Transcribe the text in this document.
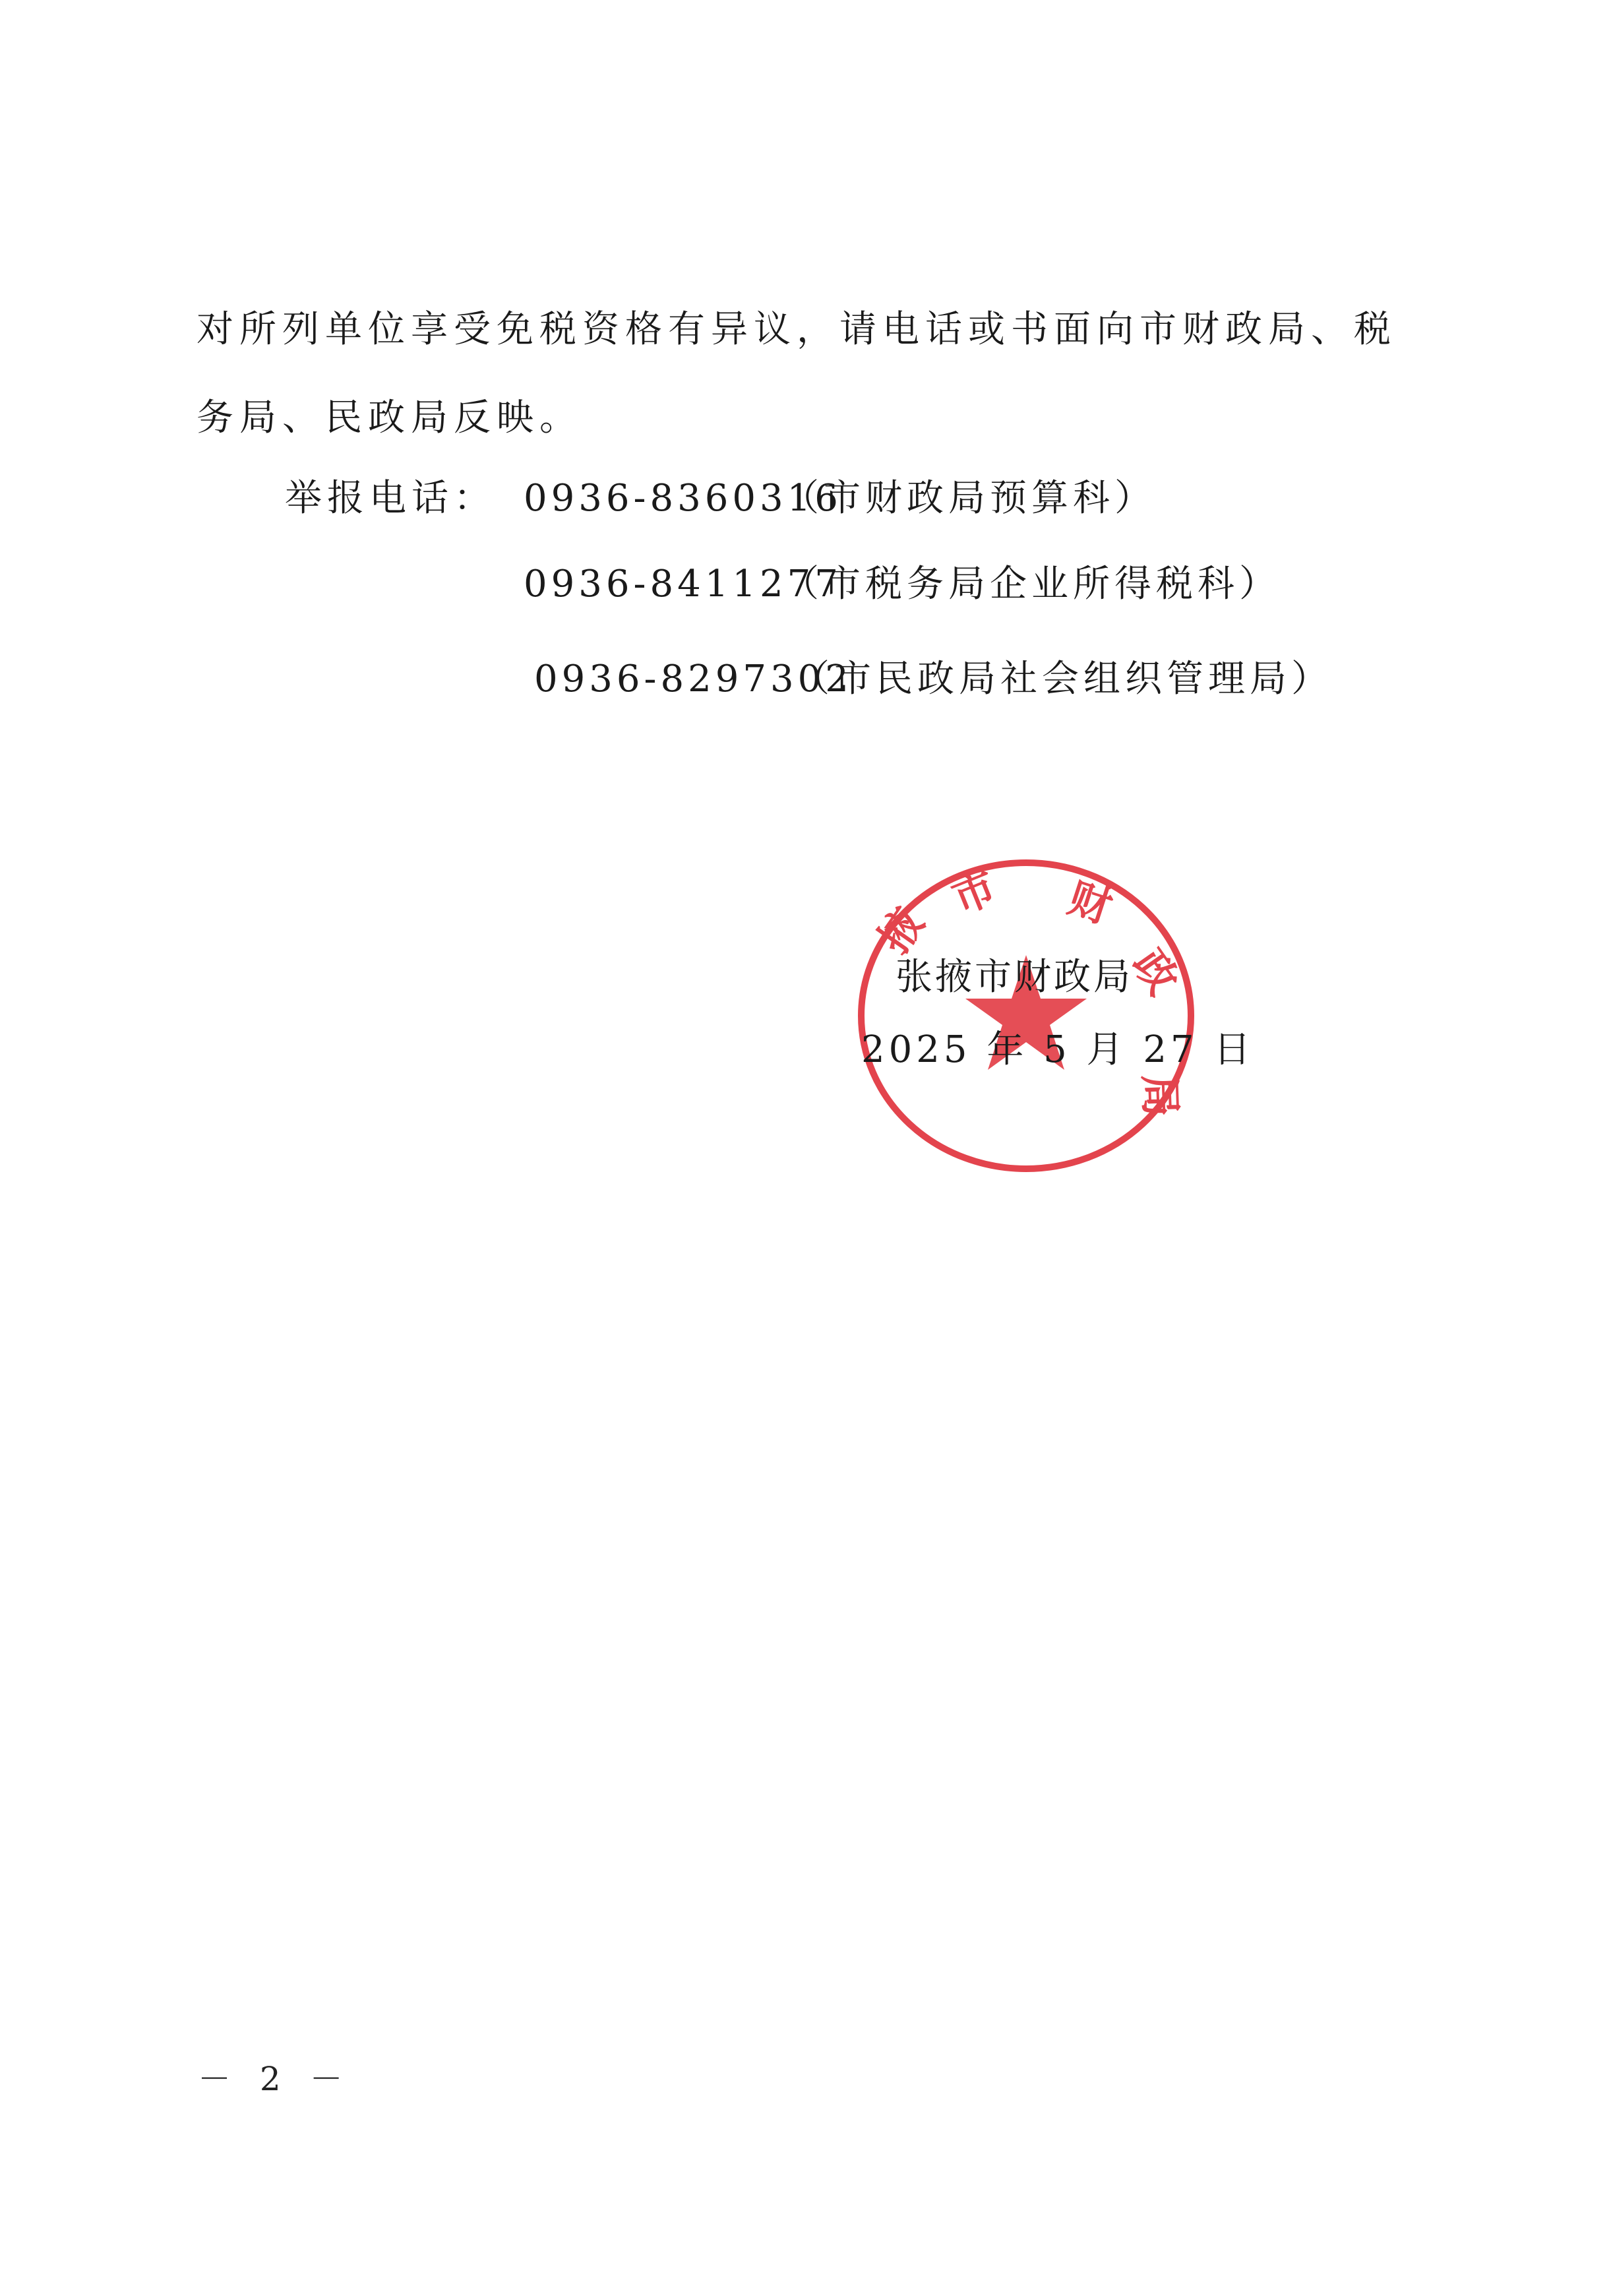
对所列单位享受免税资格有异议，请电话或书面向市财政局、税
务局、民政局反映。
举报电话： 0936-8360316
（市财政局预算科）
0936-8411277
（市税务局企业所得税科）
0936-8297302
（市民政局社会组织管理局）
掖
市 财
政
局
张掖市财政局
2025 年 5 月 27 日
－ 2 －
